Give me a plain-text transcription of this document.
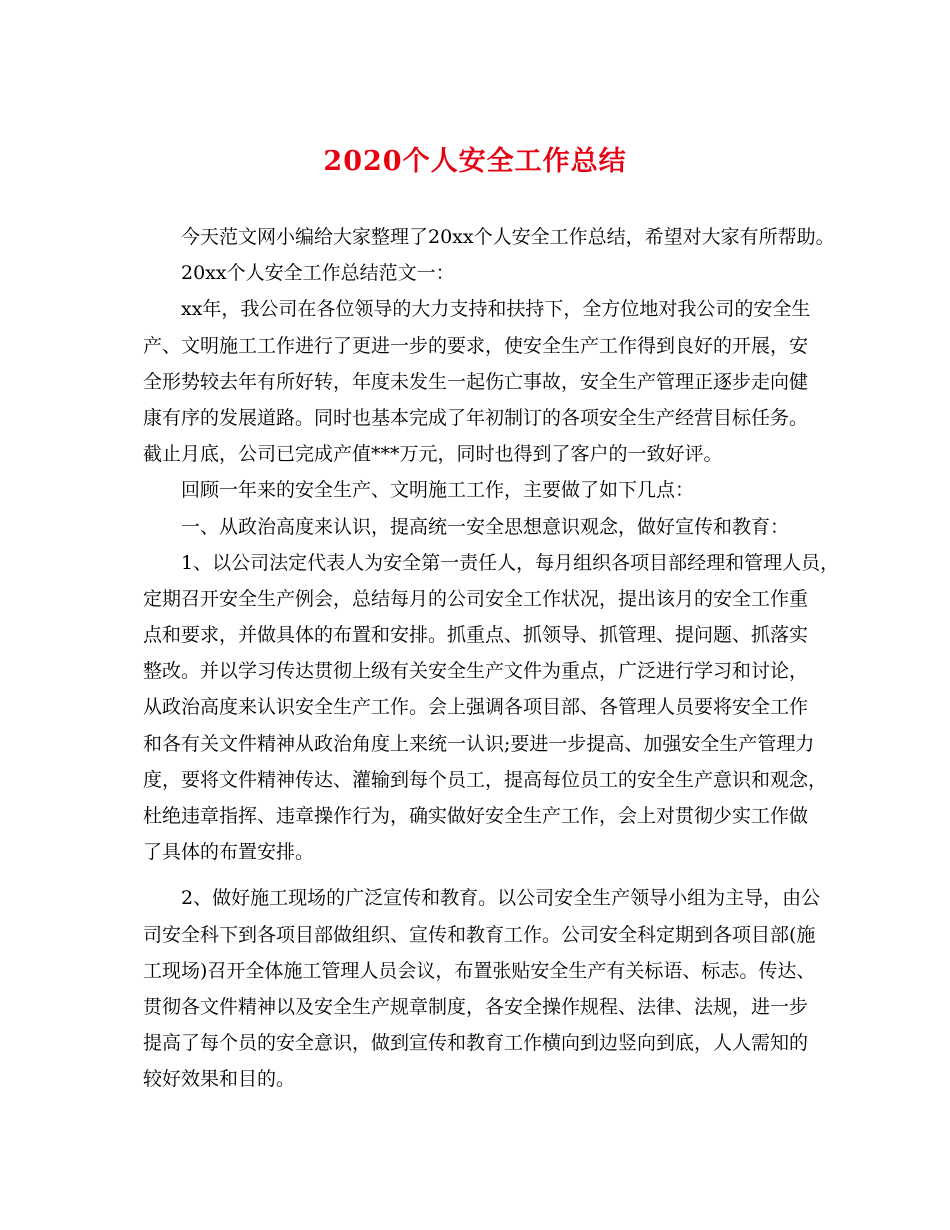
2020个人安全工作总结
今天范文网小编给大家整理了20xx个人安全工作总结，希望对大家有所帮助。
20xx个人安全工作总结范文一：
xx年，我公司在各位领导的大力支持和扶持下，全方位地对我公司的安全生
产、文明施工工作进行了更进一步的要求，使安全生产工作得到良好的开展，安
全形势较去年有所好转，年度未发生一起伤亡事故，安全生产管理正逐步走向健
康有序的发展道路。同时也基本完成了年初制订的各项安全生产经营目标任务。
截止月底，公司已完成产值***万元，同时也得到了客户的一致好评。
回顾一年来的安全生产、文明施工工作，主要做了如下几点：
一、从政治高度来认识，提高统一安全思想意识观念，做好宣传和教育：
1、以公司法定代表人为安全第一责任人，每月组织各项目部经理和管理人员，
定期召开安全生产例会，总结每月的公司安全工作状况，提出该月的安全工作重
点和要求，并做具体的布置和安排。抓重点、抓领导、抓管理、提问题、抓落实
整改。并以学习传达贯彻上级有关安全生产文件为重点，广泛进行学习和讨论，
从政治高度来认识安全生产工作。会上强调各项目部、各管理人员要将安全工作
和各有关文件精神从政治角度上来统一认识;要进一步提高、加强安全生产管理力
度，要将文件精神传达、灌输到每个员工，提高每位员工的安全生产意识和观念，
杜绝违章指挥、违章操作行为，确实做好安全生产工作，会上对贯彻少实工作做
了具体的布置安排。
2、做好施工现场的广泛宣传和教育。以公司安全生产领导小组为主导，由公
司安全科下到各项目部做组织、宣传和教育工作。公司安全科定期到各项目部(施
工现场)召开全体施工管理人员会议，布置张贴安全生产有关标语、标志。传达、
贯彻各文件精神以及安全生产规章制度，各安全操作规程、法律、法规，进一步
提高了每个员的安全意识，做到宣传和教育工作横向到边竖向到底，人人需知的
较好效果和目的。
